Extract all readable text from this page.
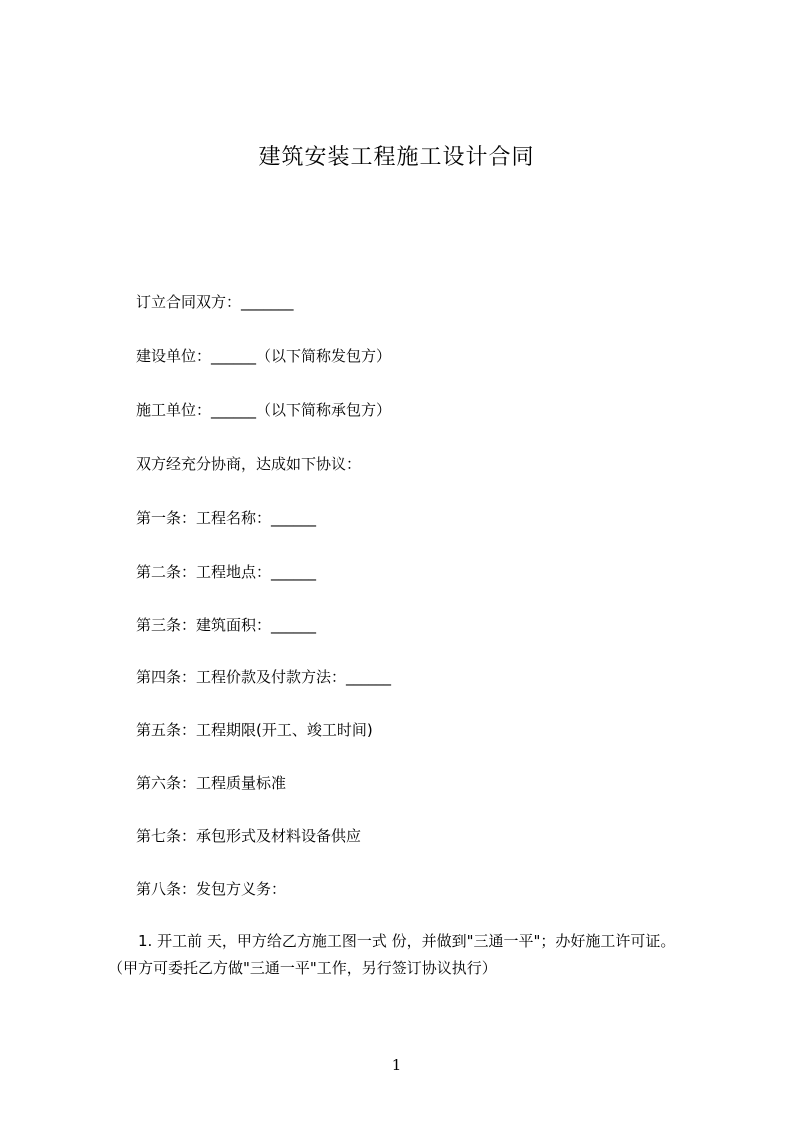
建筑安装工程施工设计合同
订立合同双方：_______
建设单位：______（以下简称发包方）
施工单位：______（以下简称承包方）
双方经充分协商，达成如下协议：
第一条：工程名称：______
第二条：工程地点：______
第三条：建筑面积：______
第四条：工程价款及付款方法：______
第五条：工程期限(开工、竣工时间)
第六条：工程质量标准
第七条：承包形式及材料设备供应
第八条：发包方义务：
1. 开工前 天，甲方给乙方施工图一式 份，并做到"三通一平"；办好施工许可证。
（甲方可委托乙方做"三通一平"工作，另行签订协议执行）
1
